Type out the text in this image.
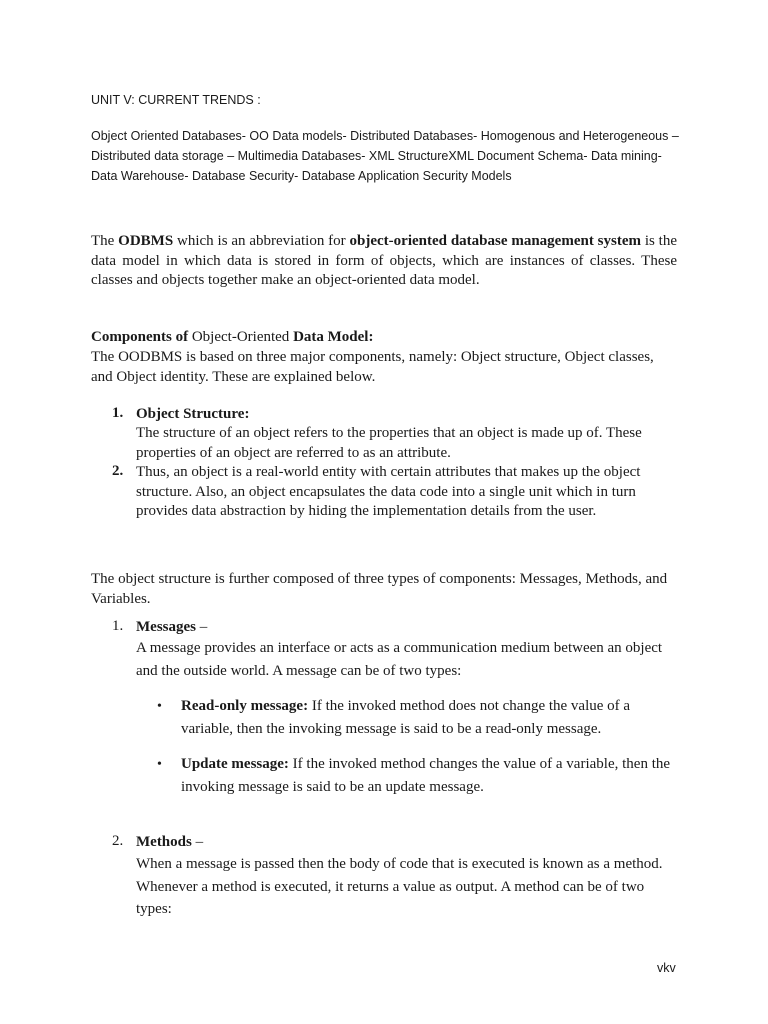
UNIT V: CURRENT TRENDS :

Object Oriented Databases- OO Data models- Distributed Databases- Homogenous and Heterogeneous – Distributed data storage – Multimedia Databases- XML StructureXML Document Schema- Data mining- Data Warehouse- Database Security- Database Application Security Models

The ODBMS which is an abbreviation for object-oriented database management system is the data model in which data is stored in form of objects, which are instances of classes. These classes and objects together make an object-oriented data model.

Components of Object-Oriented Data Model:

The OODBMS is based on three major components, namely: Object structure, Object classes, and Object identity. These are explained below.

1. Object Structure:
The structure of an object refers to the properties that an object is made up of. These properties of an object are referred to as an attribute.
2. Thus, an object is a real-world entity with certain attributes that makes up the object structure. Also, an object encapsulates the data code into a single unit which in turn provides data abstraction by hiding the implementation details from the user.

The object structure is further composed of three types of components: Messages, Methods, and Variables.

1. Messages –
A message provides an interface or acts as a communication medium between an object and the outside world. A message can be of two types:
• Read-only message: If the invoked method does not change the value of a variable, then the invoking message is said to be a read-only message.
• Update message: If the invoked method changes the value of a variable, then the invoking message is said to be an update message.
2. Methods –
When a message is passed then the body of code that is executed is known as a method. Whenever a method is executed, it returns a value as output. A method can be of two types:

vkv
